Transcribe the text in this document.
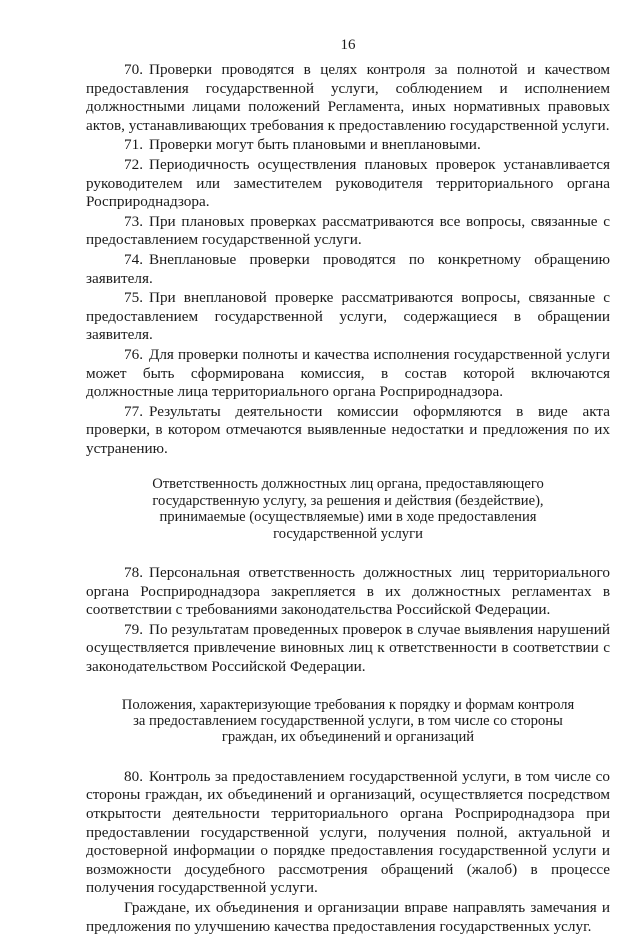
16

70. Проверки проводятся в целях контроля за полнотой и качеством предоставления государственной услуги, соблюдением и исполнением должностными лицами положений Регламента, иных нормативных правовых актов, устанавливающих требования к предоставлению государственной услуги.

71. Проверки могут быть плановыми и внеплановыми.

72. Периодичность осуществления плановых проверок устанавливается руководителем или заместителем руководителя территориального органа Росприроднадзора.

73. При плановых проверках рассматриваются все вопросы, связанные с предоставлением государственной услуги.

74. Внеплановые проверки проводятся по конкретному обращению заявителя.

75. При внеплановой проверке рассматриваются вопросы, связанные с предоставлением государственной услуги, содержащиеся в обращении заявителя.

76. Для проверки полноты и качества исполнения государственной услуги может быть сформирована комиссия, в состав которой включаются должностные лица территориального органа Росприроднадзора.

77. Результаты деятельности комиссии оформляются в виде акта проверки, в котором отмечаются выявленные недостатки и предложения по их устранению.

Ответственность должностных лиц органа, предоставляющего государственную услугу, за решения и действия (бездействие), принимаемые (осуществляемые) ими в ходе предоставления государственной услуги

78. Персональная ответственность должностных лиц территориального органа Росприроднадзора закрепляется в их должностных регламентах в соответствии с требованиями законодательства Российской Федерации.

79. По результатам проведенных проверок в случае выявления нарушений осуществляется привлечение виновных лиц к ответственности в соответствии с законодательством Российской Федерации.

Положения, характеризующие требования к порядку и формам контроля за предоставлением государственной услуги, в том числе со стороны граждан, их объединений и организаций

80. Контроль за предоставлением государственной услуги, в том числе со стороны граждан, их объединений и организаций, осуществляется посредством открытости деятельности территориального органа Росприроднадзора при предоставлении государственной услуги, получения полной, актуальной и достоверной информации о порядке предоставления государственной услуги и возможности досудебного рассмотрения обращений (жалоб) в процессе получения государственной услуги.

Граждане, их объединения и организации вправе направлять замечания и предложения по улучшению качества предоставления государственных услуг.
